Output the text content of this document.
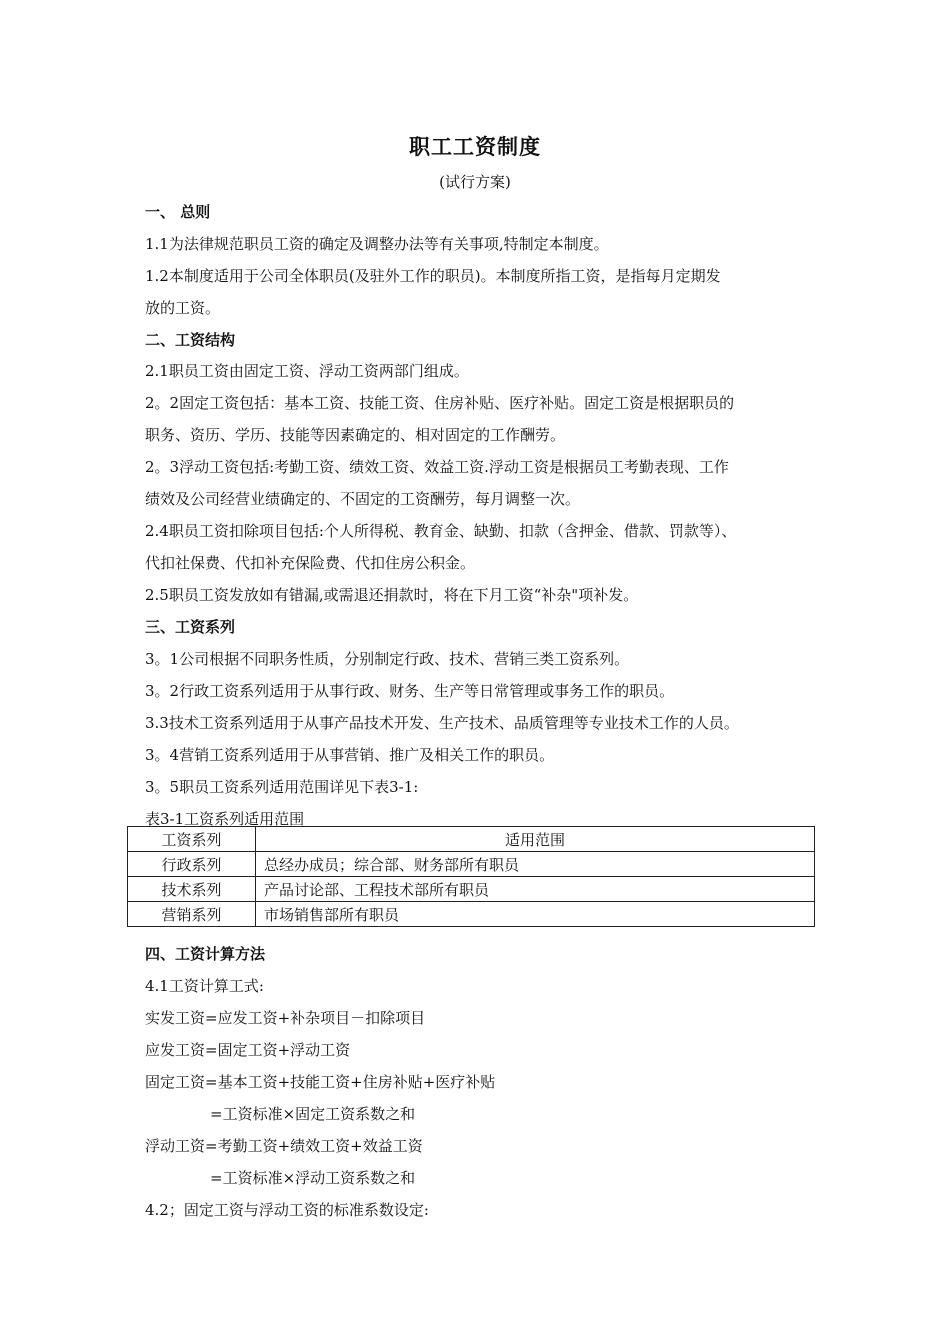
职工工资制度
(试行方案)
一、 总则
1.1为法律规范职员工资的确定及调整办法等有关事项,特制定本制度。
1.2本制度适用于公司全体职员(及驻外工作的职员)。本制度所指工资，是指每月定期发
放的工资。
二、工资结构
2.1职员工资由固定工资、浮动工资两部门组成。
2。2固定工资包括：基本工资、技能工资、住房补贴、医疗补贴。固定工资是根据职员的
职务、资历、学历、技能等因素确定的、相对固定的工作酬劳。
2。3浮动工资包括:考勤工资、绩效工资、效益工资.浮动工资是根据员工考勤表现、工作
绩效及公司经营业绩确定的、不固定的工资酬劳，每月调整一次。
2.4职员工资扣除项目包括:个人所得税、教育金、缺勤、扣款（含押金、借款、罚款等）、
代扣社保费、代扣补充保险费、代扣住房公积金。
2.5职员工资发放如有错漏,或需退还捐款时，将在下月工资“补杂"项补发。
三、工资系列
3。1公司根据不同职务性质，分别制定行政、技术、营销三类工资系列。
3。2行政工资系列适用于从事行政、财务、生产等日常管理或事务工作的职员。
3.3技术工资系列适用于从事产品技术开发、生产技术、品质管理等专业技术工作的人员。
3。4营销工资系列适用于从事营销、推广及相关工作的职员。
3。5职员工资系列适用范围详见下表3-1:
表3-1工资系列适用范围
工资系列	适用范围
行政系列	总经办成员；综合部、财务部所有职员
技术系列	产品讨论部、工程技术部所有职员
营销系列	市场销售部所有职员
四、工资计算方法
4.1工资计算工式:
实发工资=应发工资+补杂项目－扣除项目
应发工资=固定工资+浮动工资
固定工资=基本工资+技能工资+住房补贴+医疗补贴
=工资标准×固定工资系数之和
浮动工资=考勤工资+绩效工资+效益工资
=工资标准×浮动工资系数之和
4.2；固定工资与浮动工资的标准系数设定:
